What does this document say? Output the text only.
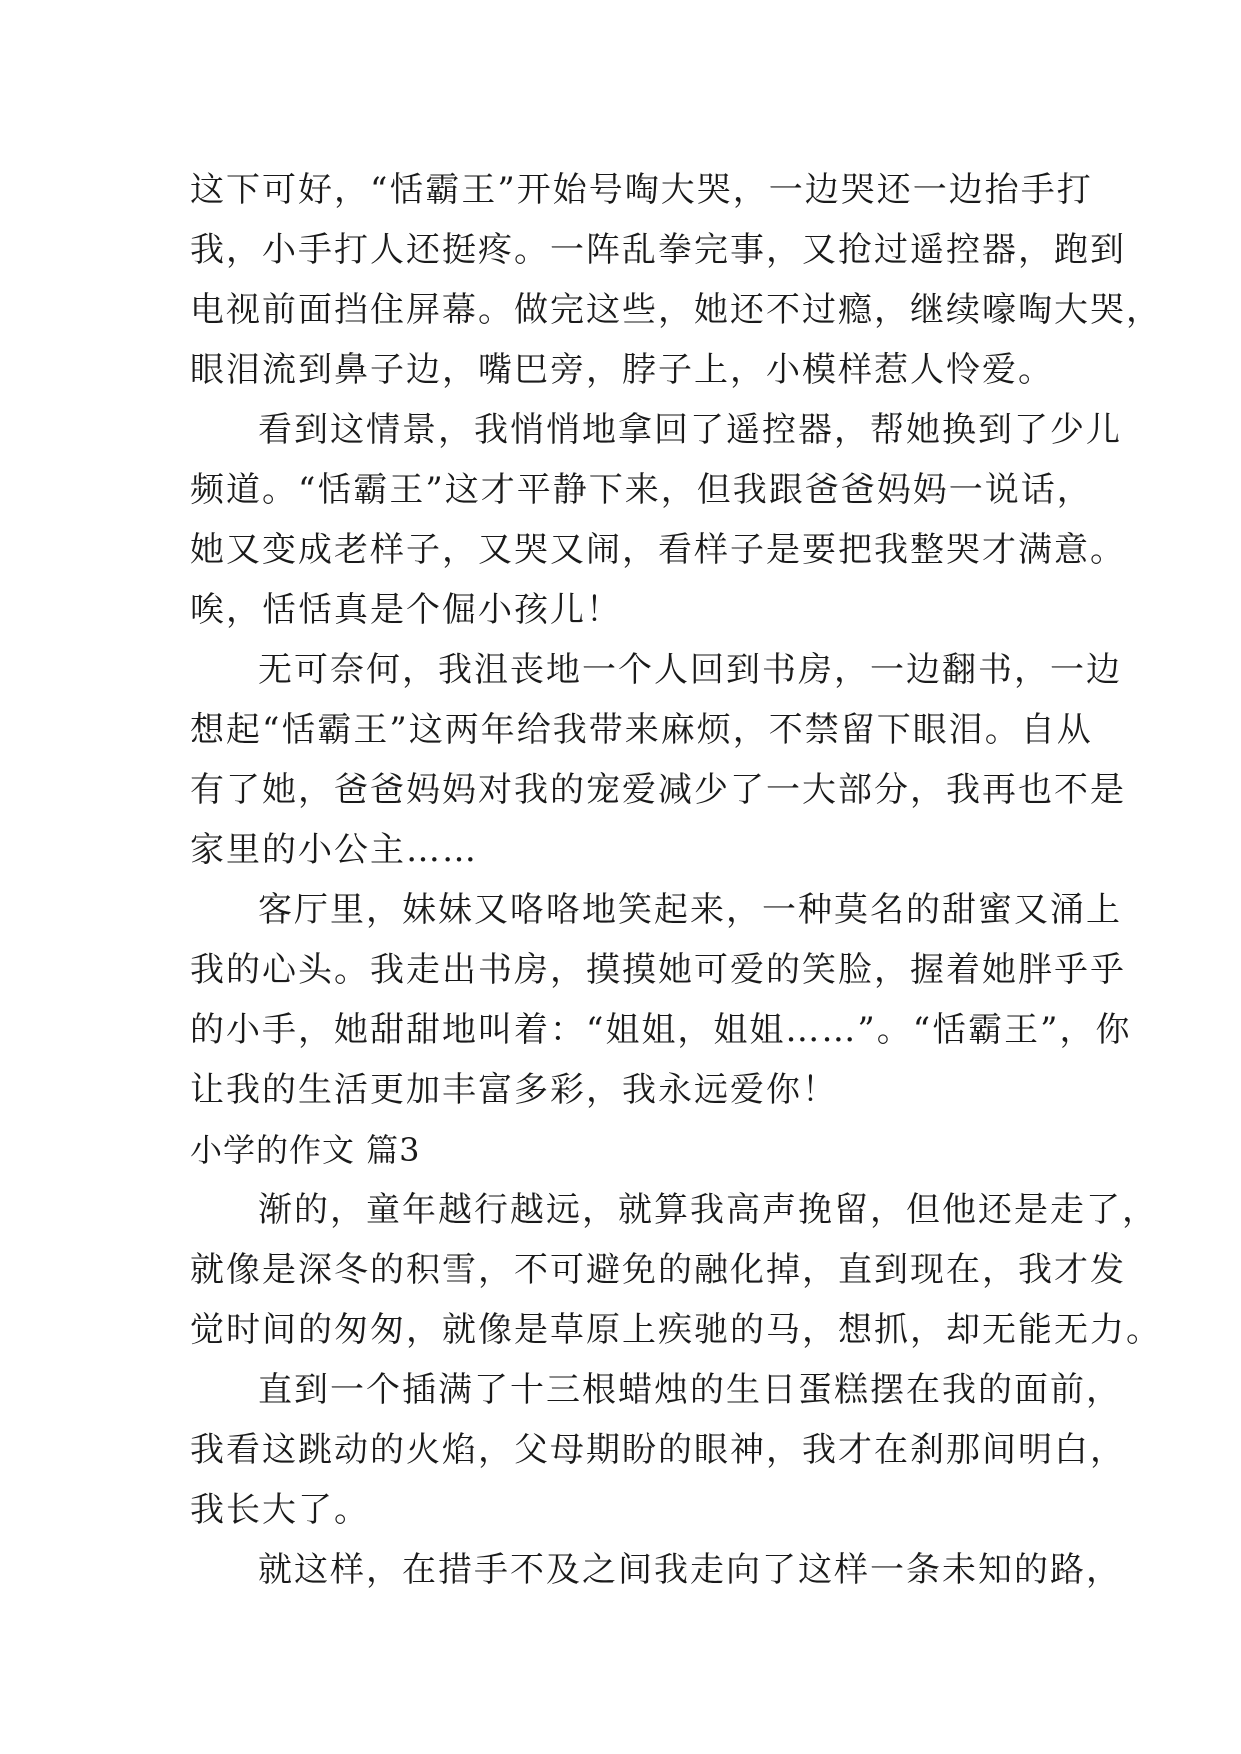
这下可好，“恬霸王”开始号啕大哭，一边哭还一边抬手打
我，小手打人还挺疼。一阵乱拳完事，又抢过遥控器，跑到
电视前面挡住屏幕。做完这些，她还不过瘾，继续嚎啕大哭，
眼泪流到鼻子边，嘴巴旁，脖子上，小模样惹人怜爱。
看到这情景，我悄悄地拿回了遥控器，帮她换到了少儿
频道。“恬霸王”这才平静下来，但我跟爸爸妈妈一说话，
她又变成老样子，又哭又闹，看样子是要把我整哭才满意。
唉，恬恬真是个倔小孩儿！
无可奈何，我沮丧地一个人回到书房，一边翻书，一边
想起“恬霸王”这两年给我带来麻烦，不禁留下眼泪。自从
有了她，爸爸妈妈对我的宠爱减少了一大部分，我再也不是
家里的小公主……
客厅里，妹妹又咯咯地笑起来，一种莫名的甜蜜又涌上
我的心头。我走出书房，摸摸她可爱的笑脸，握着她胖乎乎
的小手，她甜甜地叫着：“姐姐，姐姐……”。“恬霸王”，你
让我的生活更加丰富多彩，我永远爱你！
小学的作文 篇3
渐的，童年越行越远，就算我高声挽留，但他还是走了，
就像是深冬的积雪，不可避免的融化掉，直到现在，我才发
觉时间的匆匆，就像是草原上疾驰的马，想抓，却无能无力。
直到一个插满了十三根蜡烛的生日蛋糕摆在我的面前，
我看这跳动的火焰，父母期盼的眼神，我才在刹那间明白，
我长大了。
就这样，在措手不及之间我走向了这样一条未知的路，
